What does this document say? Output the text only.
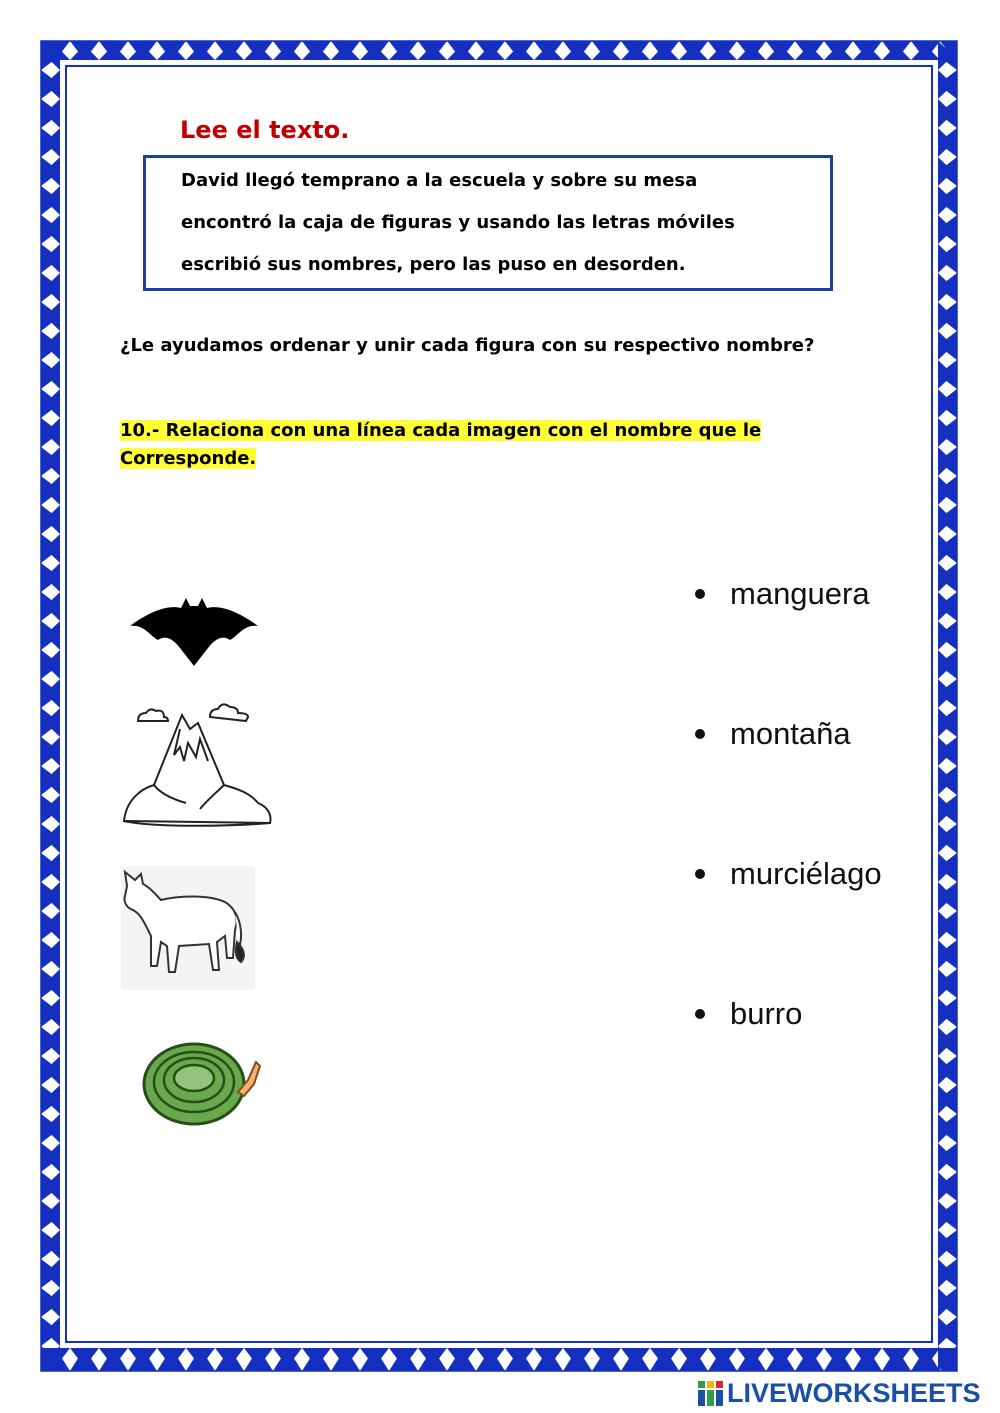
Lee el texto.
David llegó temprano a la escuela y sobre su mesa
encontró la caja de figuras y usando las letras móviles
escribió sus nombres, pero las puso en desorden.
¿Le ayudamos ordenar y unir cada figura con su respectivo nombre?
10.- Relaciona con una línea cada imagen con el nombre que le
Corresponde.
manguera
montaña
murciélago
burro
LIVEWORKSHEETS
